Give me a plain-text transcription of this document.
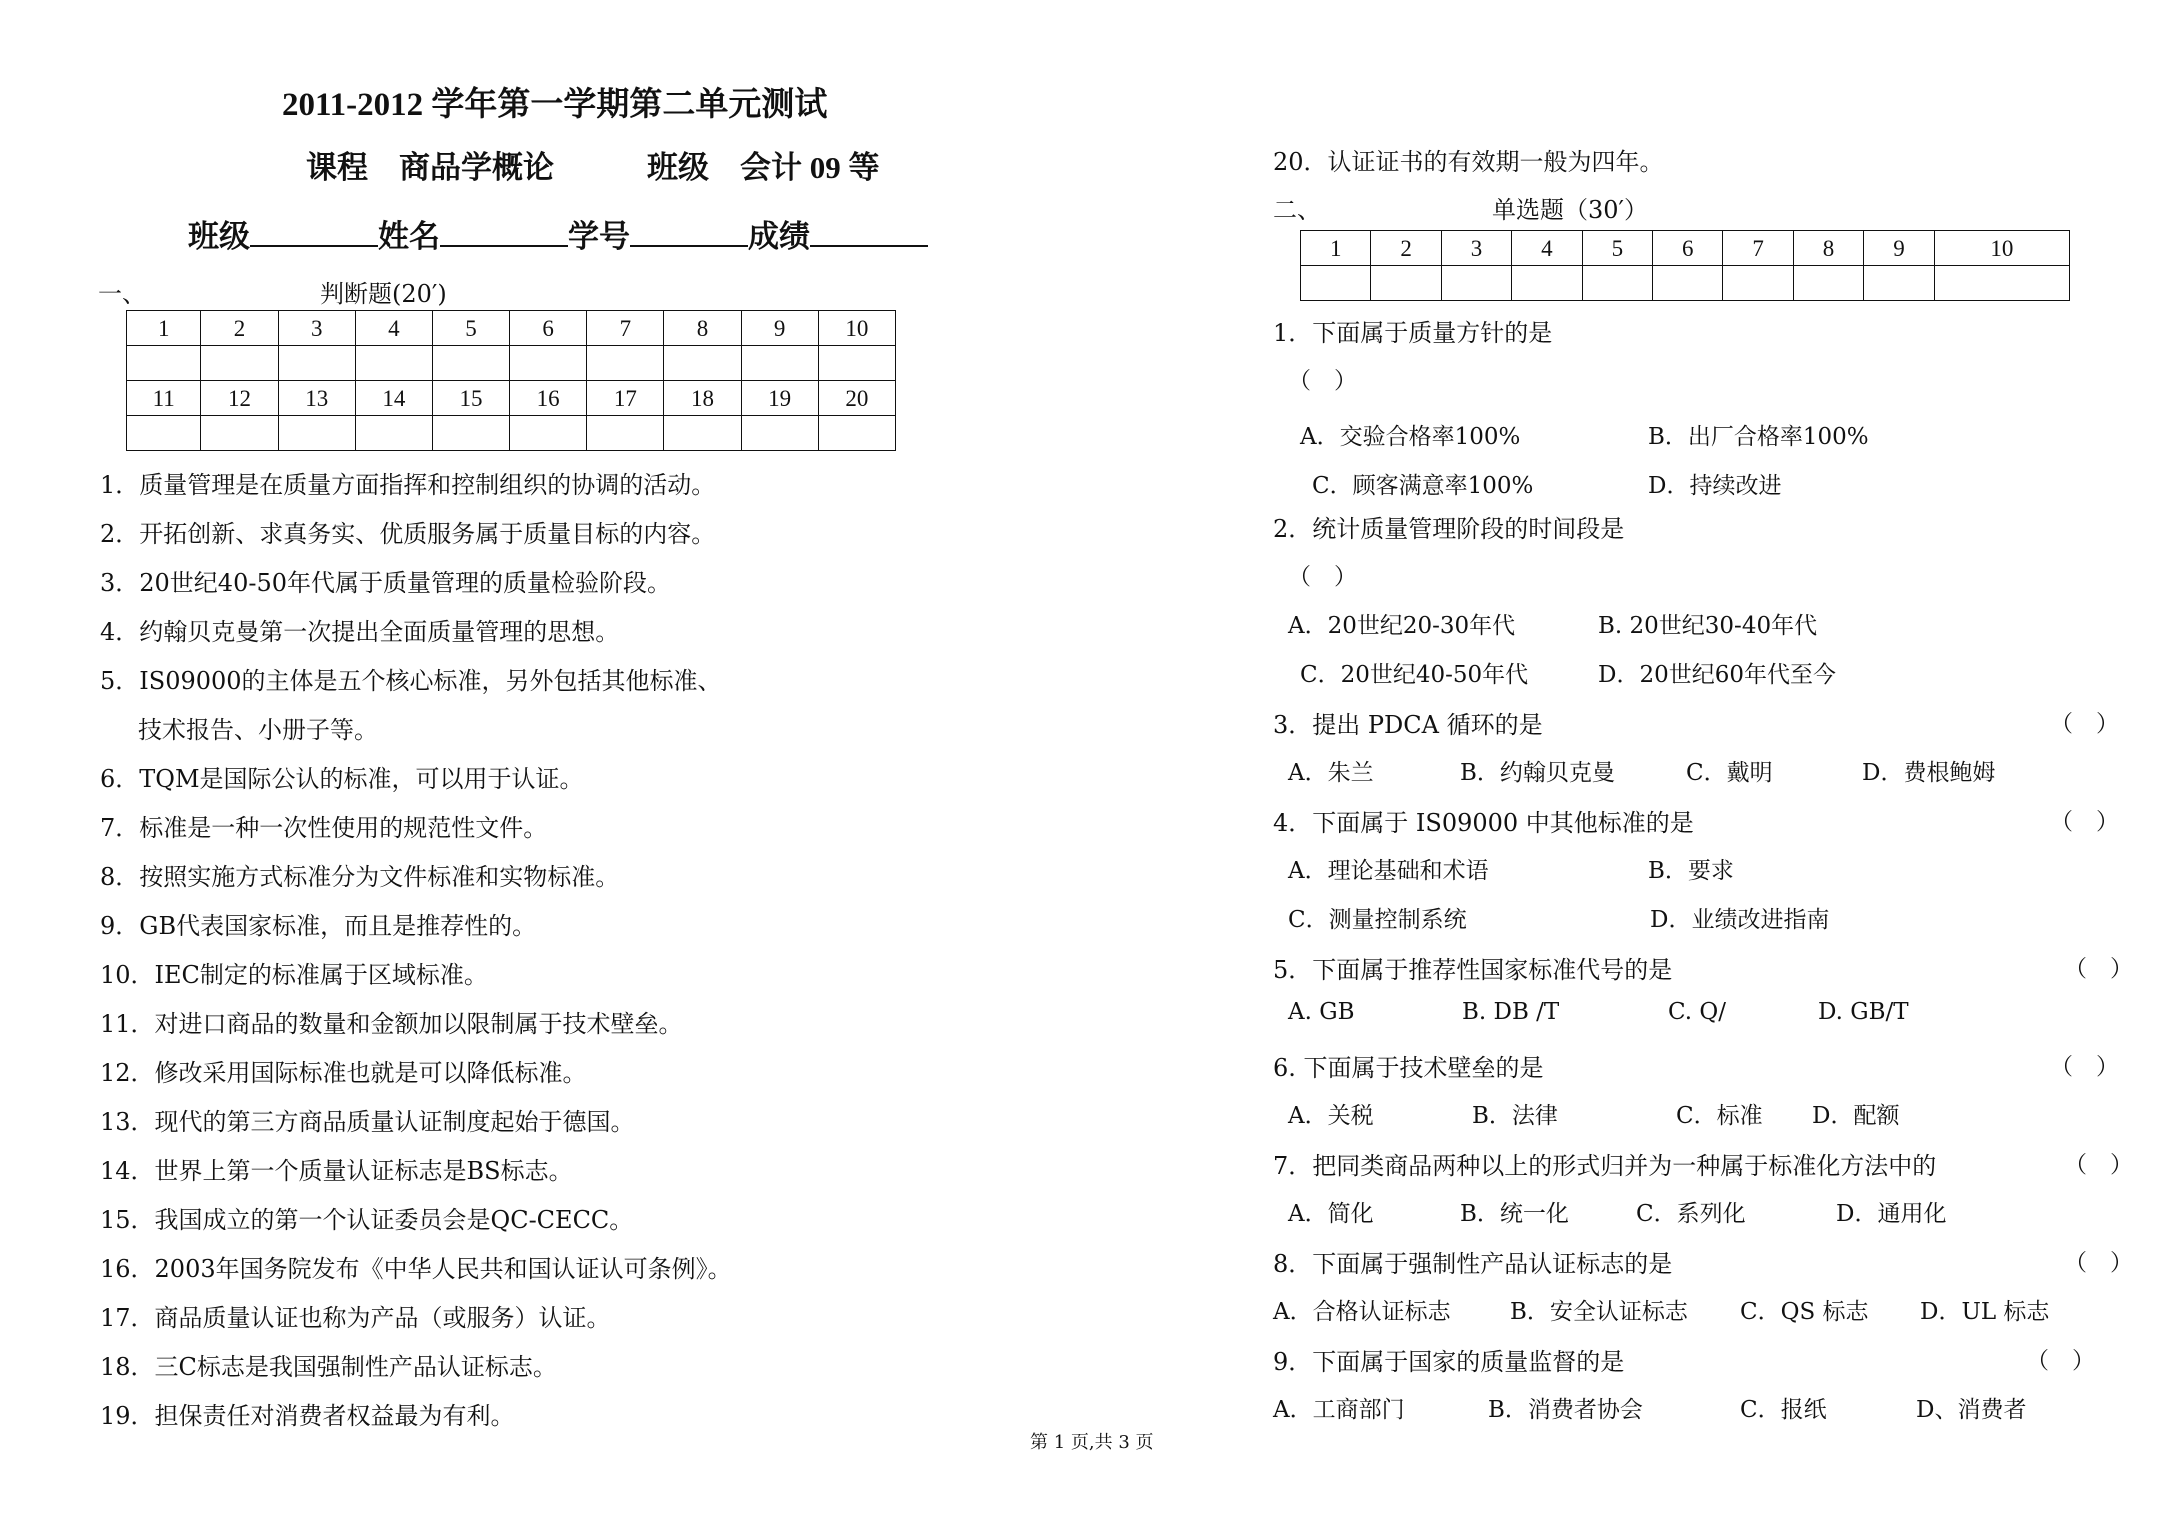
2011-2012 学年第一学期第二单元测试
课程　商品学概论　　　班级　会计 09 等
班级	姓名	学号	成绩
一、	判断题(20′)
1	2	3	4	5	6	7	8	9	10

11	12	13	14	15	16	17	18	19	20

1．质量管理是在质量方面指挥和控制组织的协调的活动。
2．开拓创新、求真务实、优质服务属于质量目标的内容。
3．20世纪40-50年代属于质量管理的质量检验阶段。
4．约翰贝克曼第一次提出全面质量管理的思想。
5．IS09000的主体是五个核心标准，另外包括其他标准、
技术报告、小册子等。
6．TQM是国际公认的标准，可以用于认证。
7．标准是一种一次性使用的规范性文件。
8．按照实施方式标准分为文件标准和实物标准。
9．GB代表国家标准，而且是推荐性的。
10．IEC制定的标准属于区域标准。
11．对进口商品的数量和金额加以限制属于技术壁垒。
12．修改采用国际标准也就是可以降低标准。
13．现代的第三方商品质量认证制度起始于德国。
14．世界上第一个质量认证标志是BS标志。
15．我国成立的第一个认证委员会是QC-CECC。
16．2003年国务院发布《中华人民共和国认证认可条例》。
17．商品质量认证也称为产品（或服务）认证。
18．三C标志是我国强制性产品认证标志。
19．担保责任对消费者权益最为有利。
20．认证证书的有效期一般为四年。
二、	单选题（30′）
1	2	3	4	5	6	7	8	9	10

1．下面属于质量方针的是
（　）
A．交验合格率100%	B．出厂合格率100%
C．顾客满意率100%	D．持续改进
2．统计质量管理阶段的时间段是
（　）
A．20世纪20-30年代	B. 20世纪30-40年代
C．20世纪40-50年代	D．20世纪60年代至今
3．提出 PDCA 循环的是	（　）
A．朱兰	B．约翰贝克曼	C．戴明	D．费根鲍姆
4．下面属于 IS09000 中其他标准的是	（　）
A．理论基础和术语	B．要求
C．测量控制系统	D．业绩改进指南
5．下面属于推荐性国家标准代号的是	（　）
A. GB	B. DB /T	C. Q/	D. GB/T
6. 下面属于技术壁垒的是	（　）
A．关税	B．法律	C．标准 D．配额
7．把同类商品两种以上的形式归并为一种属于标准化方法中的	（　）
A．简化	B．统一化	C．系列化	D．通用化
8．下面属于强制性产品认证标志的是	（　）
A．合格认证标志	B．安全认证标志 C．QS 标志 D．UL 标志
9．下面属于国家的质量监督的是	（　）
A．工商部门	B．消费者协会	C．报纸	D、消费者
第 1 页,共 3 页
